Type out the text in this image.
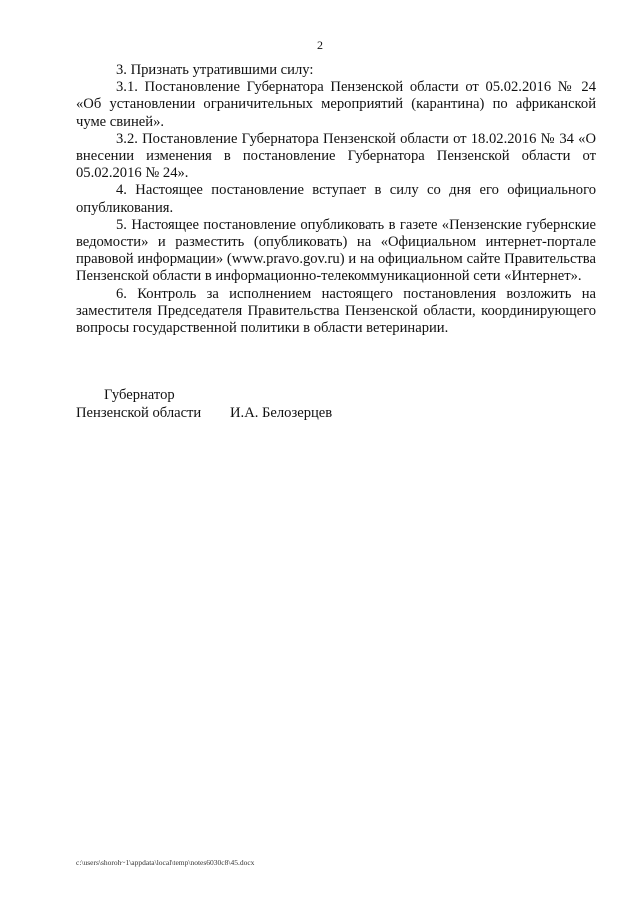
2

3. Признать утратившими силу:

3.1. Постановление Губернатора Пензенской области от 05.02.2016 № 24 «Об установлении ограничительных мероприятий (карантина) по африканской чуме свиней».

3.2. Постановление Губернатора Пензенской области от 18.02.2016 № 34 «О внесении изменения в постановление Губернатора Пензенской области от 05.02.2016 № 24».

4. Настоящее постановление вступает в силу со дня его официального опубликования.

5. Настоящее постановление опубликовать в газете «Пензенские губернские ведомости» и разместить (опубликовать) на «Официальном интернет-портале правовой информации» (www.pravo.gov.ru) и на официальном сайте Правительства Пензенской области в информационно-телекоммуникационной сети «Интернет».

6. Контроль за исполнением настоящего постановления возложить на заместителя Председателя Правительства Пензенской области, координирующего вопросы государственной политики в области ветеринарии.

Губернатор
Пензенской области И.А. Белозерцев
c:\users\shoroh~1\appdata\local\temp\notes6030c8\45.docx
